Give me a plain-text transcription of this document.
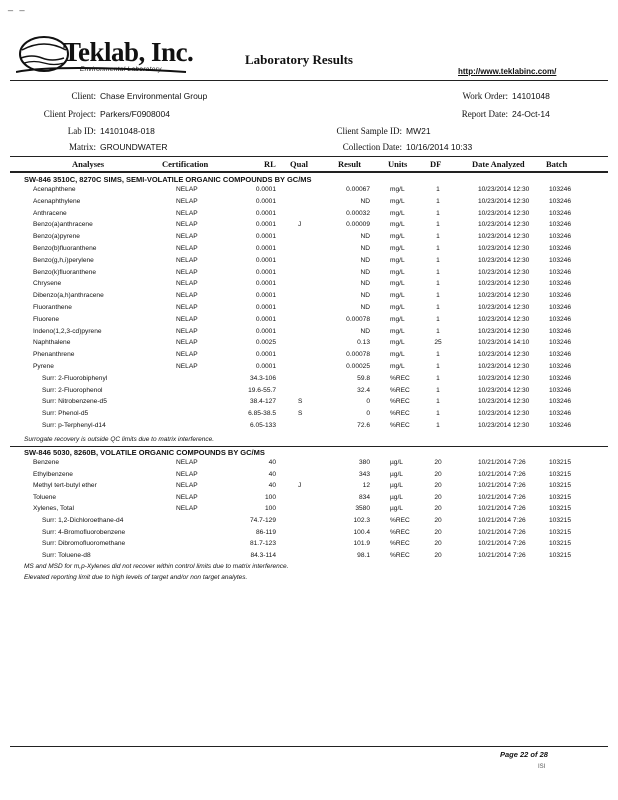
_ _
Teklab, Inc.
Environmental Laboratory
Laboratory Results
http://www.teklabinc.com/
Client: Chase Environmental Group	Work Order: 14101048
Client Project: Parkers/F0908004	Report Date: 24-Oct-14
Lab ID: 14101048-018	Client Sample ID: MW21
Matrix: GROUNDWATER	Collection Date: 10/16/2014 10:33
Analyses	Certification	RL Qual	Result	Units	DF	Date Analyzed	Batch
SW-846 3510C, 8270C SIMS, SEMI-VOLATILE ORGANIC COMPOUNDS BY GC/MS
Acenaphthene	NELAP	0.0001	0.00067	mg/L	1	10/23/2014 12:30	103246
Acenaphthylene	NELAP	0.0001	ND	mg/L	1	10/23/2014 12:30	103246
Anthracene	NELAP	0.0001	0.00032	mg/L	1	10/23/2014 12:30	103246
Benzo(a)anthracene	NELAP	0.0001	J	0.00009	mg/L	1	10/23/2014 12:30	103246
Benzo(a)pyrene	NELAP	0.0001	ND	mg/L	1	10/23/2014 12:30	103246
Benzo(b)fluoranthene	NELAP	0.0001	ND	mg/L	1	10/23/2014 12:30	103246
Benzo(g,h,i)perylene	NELAP	0.0001	ND	mg/L	1	10/23/2014 12:30	103246
Benzo(k)fluoranthene	NELAP	0.0001	ND	mg/L	1	10/23/2014 12:30	103246
Chrysene	NELAP	0.0001	ND	mg/L	1	10/23/2014 12:30	103246
Dibenzo(a,h)anthracene	NELAP	0.0001	ND	mg/L	1	10/23/2014 12:30	103246
Fluoranthene	NELAP	0.0001	ND	mg/L	1	10/23/2014 12:30	103246
Fluorene	NELAP	0.0001	0.00078	mg/L	1	10/23/2014 12:30	103246
Indeno(1,2,3-cd)pyrene	NELAP	0.0001	ND	mg/L	1	10/23/2014 12:30	103246
Naphthalene	NELAP	0.0025	0.13	mg/L	25	10/23/2014 14:10	103246
Phenanthrene	NELAP	0.0001	0.00078	mg/L	1	10/23/2014 12:30	103246
Pyrene	NELAP	0.0001	0.00025	mg/L	1	10/23/2014 12:30	103246
Surr: 2-Fluorobiphenyl	34.3-106	59.8	%REC	1	10/23/2014 12:30	103246
Surr: 2-Fluorophenol	19.6-55.7	32.4	%REC	1	10/23/2014 12:30	103246
Surr: Nitrobenzene-d5	38.4-127	S	0	%REC	1	10/23/2014 12:30	103246
Surr: Phenol-d5	6.85-38.5	S	0	%REC	1	10/23/2014 12:30	103246
Surr: p-Terphenyl-d14	6.05-133	72.6	%REC	1	10/23/2014 12:30	103246
Surrogate recovery is outside QC limits due to matrix interference.
SW-846 5030, 8260B, VOLATILE ORGANIC COMPOUNDS BY GC/MS
Benzene	NELAP	40	380	µg/L	20	10/21/2014 7:26	103215
Ethylbenzene	NELAP	40	343	µg/L	20	10/21/2014 7:26	103215
Methyl tert-butyl ether	NELAP	40	J	12	µg/L	20	10/21/2014 7:26	103215
Toluene	NELAP	100	834	µg/L	20	10/21/2014 7:26	103215
Xylenes, Total	NELAP	100	3580	µg/L	20	10/21/2014 7:26	103215
Surr: 1,2-Dichloroethane-d4	74.7-129	102.3	%REC	20	10/21/2014 7:26	103215
Surr: 4-Bromofluorobenzene	86-119	100.4	%REC	20	10/21/2014 7:26	103215
Surr: Dibromofluoromethane	81.7-123	101.9	%REC	20	10/21/2014 7:26	103215
Surr: Toluene-d8	84.3-114	98.1	%REC	20	10/21/2014 7:26	103215
MS and MSD for m,p-Xylenes did not recover within control limits due to matrix interference.
Elevated reporting limit due to high levels of target and/or non target analytes.
Page 22 of 28
ISI
